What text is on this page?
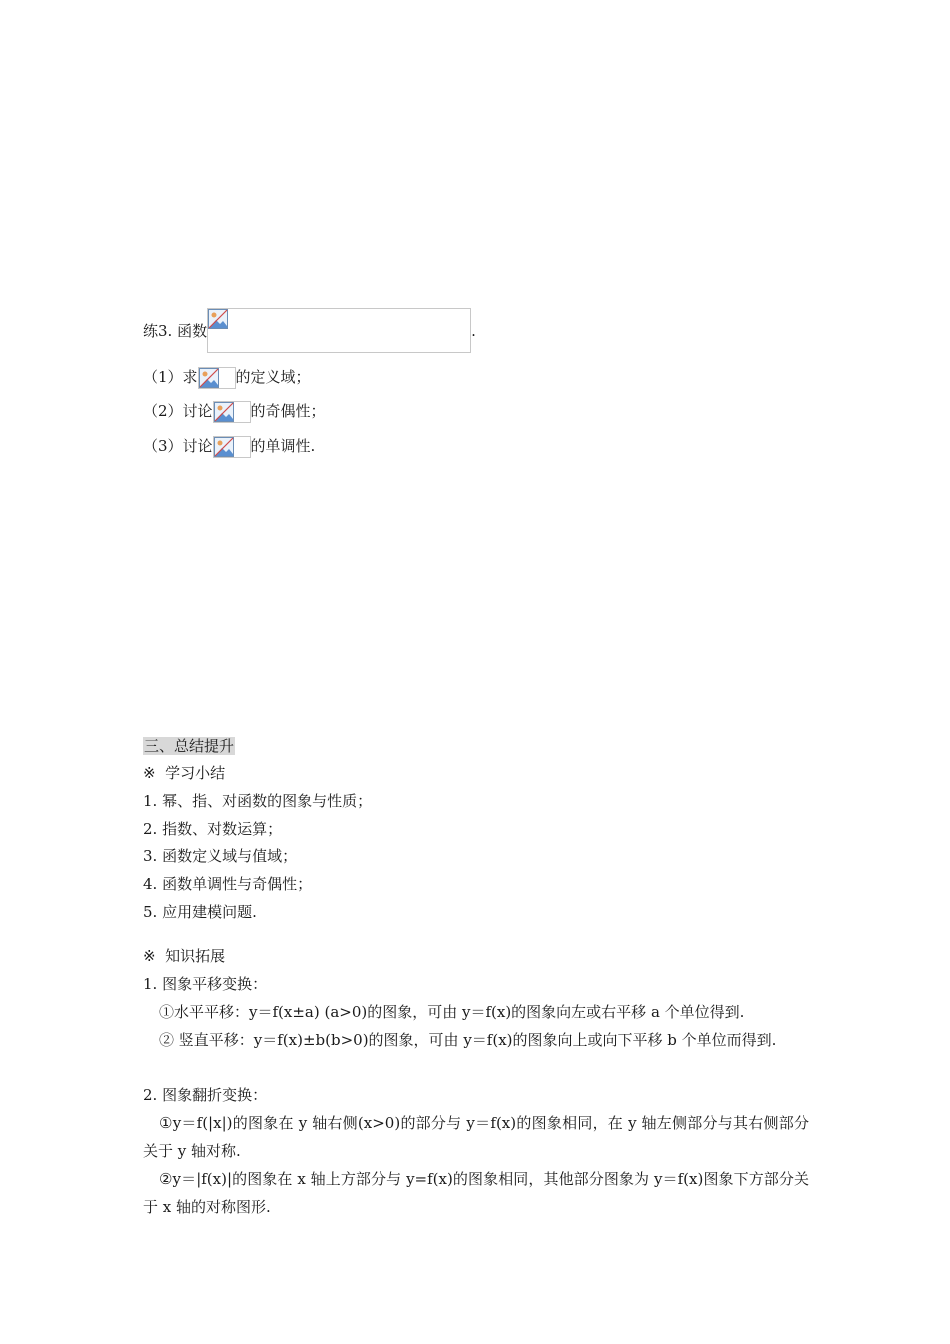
练3. 函数	.
（1）求	的定义域；
（2）讨论	的奇偶性；
（3）讨论	的单调性.
三、总结提升
※ 学习小结
1. 幂、指、对函数的图象与性质；
2. 指数、对数运算；
3. 函数定义域与值域；
4. 函数单调性与奇偶性；
5. 应用建模问题.
※ 知识拓展
1. 图象平移变换：
①水平平移：y＝f(x±a) (a>0)的图象，可由 y＝f(x)的图象向左或右平移 a 个单位得到.
② 竖直平移：y＝f(x)±b(b>0)的图象，可由 y＝f(x)的图象向上或向下平移 b 个单位而得到.
2. 图象翻折变换：
①y＝f(|x|)的图象在 y 轴右侧(x>0)的部分与 y＝f(x)的图象相同，在 y 轴左侧部分与其右侧部分关于 y 轴对称.
②y＝|f(x)|的图象在 x 轴上方部分与 y=f(x)的图象相同，其他部分图象为 y＝f(x)图象下方部分关于 x 轴的对称图形.
